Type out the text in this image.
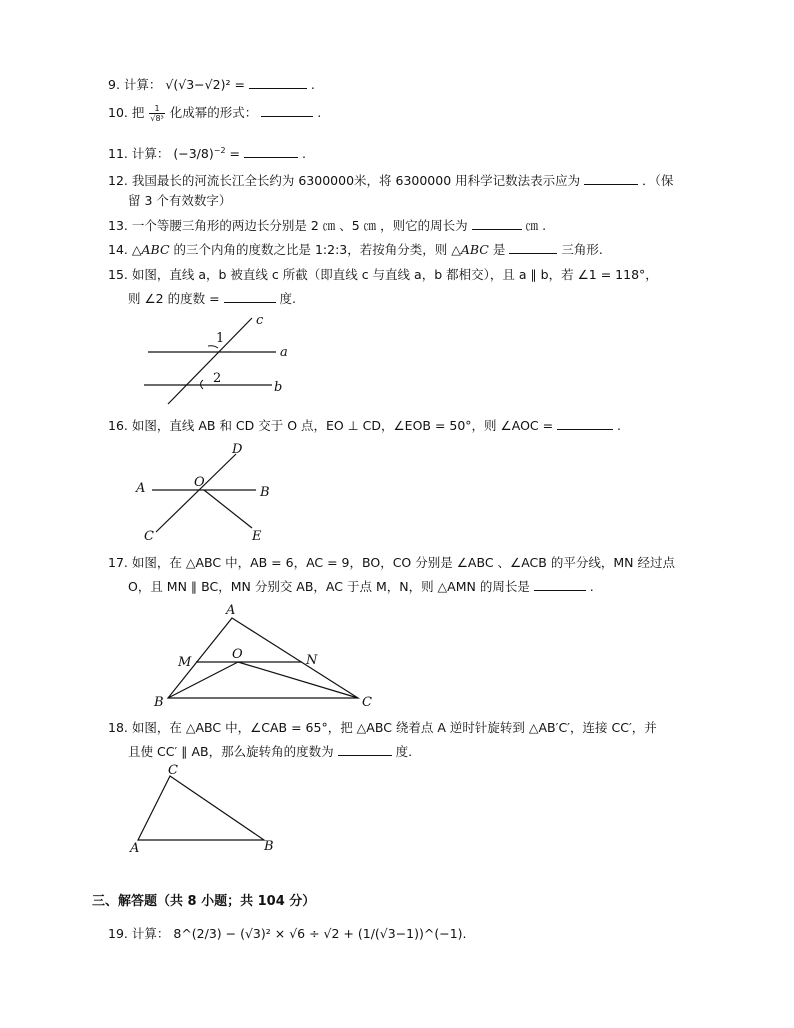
9. 计算： √(√3−√2)² =	.
10. 把 $\frac{1}{\text{√8³}}$ 化成幂的形式：	.
11. 计算： $(-3/8)^{-2}$ =	.
12. 我国最长的河流长江全长约为 6300000米，将 6300000 用科学记数法表示应为	．（保
留 3 个有效数字）
13. 一个等腰三角形的两边长分别是 2 ㎝ 、5 ㎝ ，则它的周长为	㎝ .
14. △ABC 的三个内角的度数之比是 1:2:3，若按角分类，则 △ABC 是	三角形.
15. 如图，直线 a，b 被直线 c 所截（即直线 c 与直线 a，b 都相交），且 a ∥ b，若 ∠1 = 118°，
则 ∠2 的度数 =	度.
c
a
b
1
2
16. 如图，直线 AB 和 CD 交于 O 点，EO ⊥ CD，∠EOB = 50°，则 ∠AOC =	.
A	B
C
D
E
O
17. 如图，在 △ABC 中，AB = 6，AC = 9，BO，CO 分别是 ∠ABC 、∠ACB 的平分线，MN 经过点
O，且 MN ∥ BC，MN 分别交 AB，AC 于点 M，N，则 △AMN 的周长是	.
A
M
O	N
B	C
18. 如图，在 △ABC 中，∠CAB = 65°，把 △ABC 绕着点 A 逆时针旋转到 △AB′C′，连接 CC′，并
且使 CC′ ∥ AB，那么旋转角的度数为	度.
C
A	B
三、解答题（共 8 小题；共 104 分）
19. 计算： 8^(2/3) − (√3)² × √6 ÷ √2 + (1/(√3−1))^(−1).
